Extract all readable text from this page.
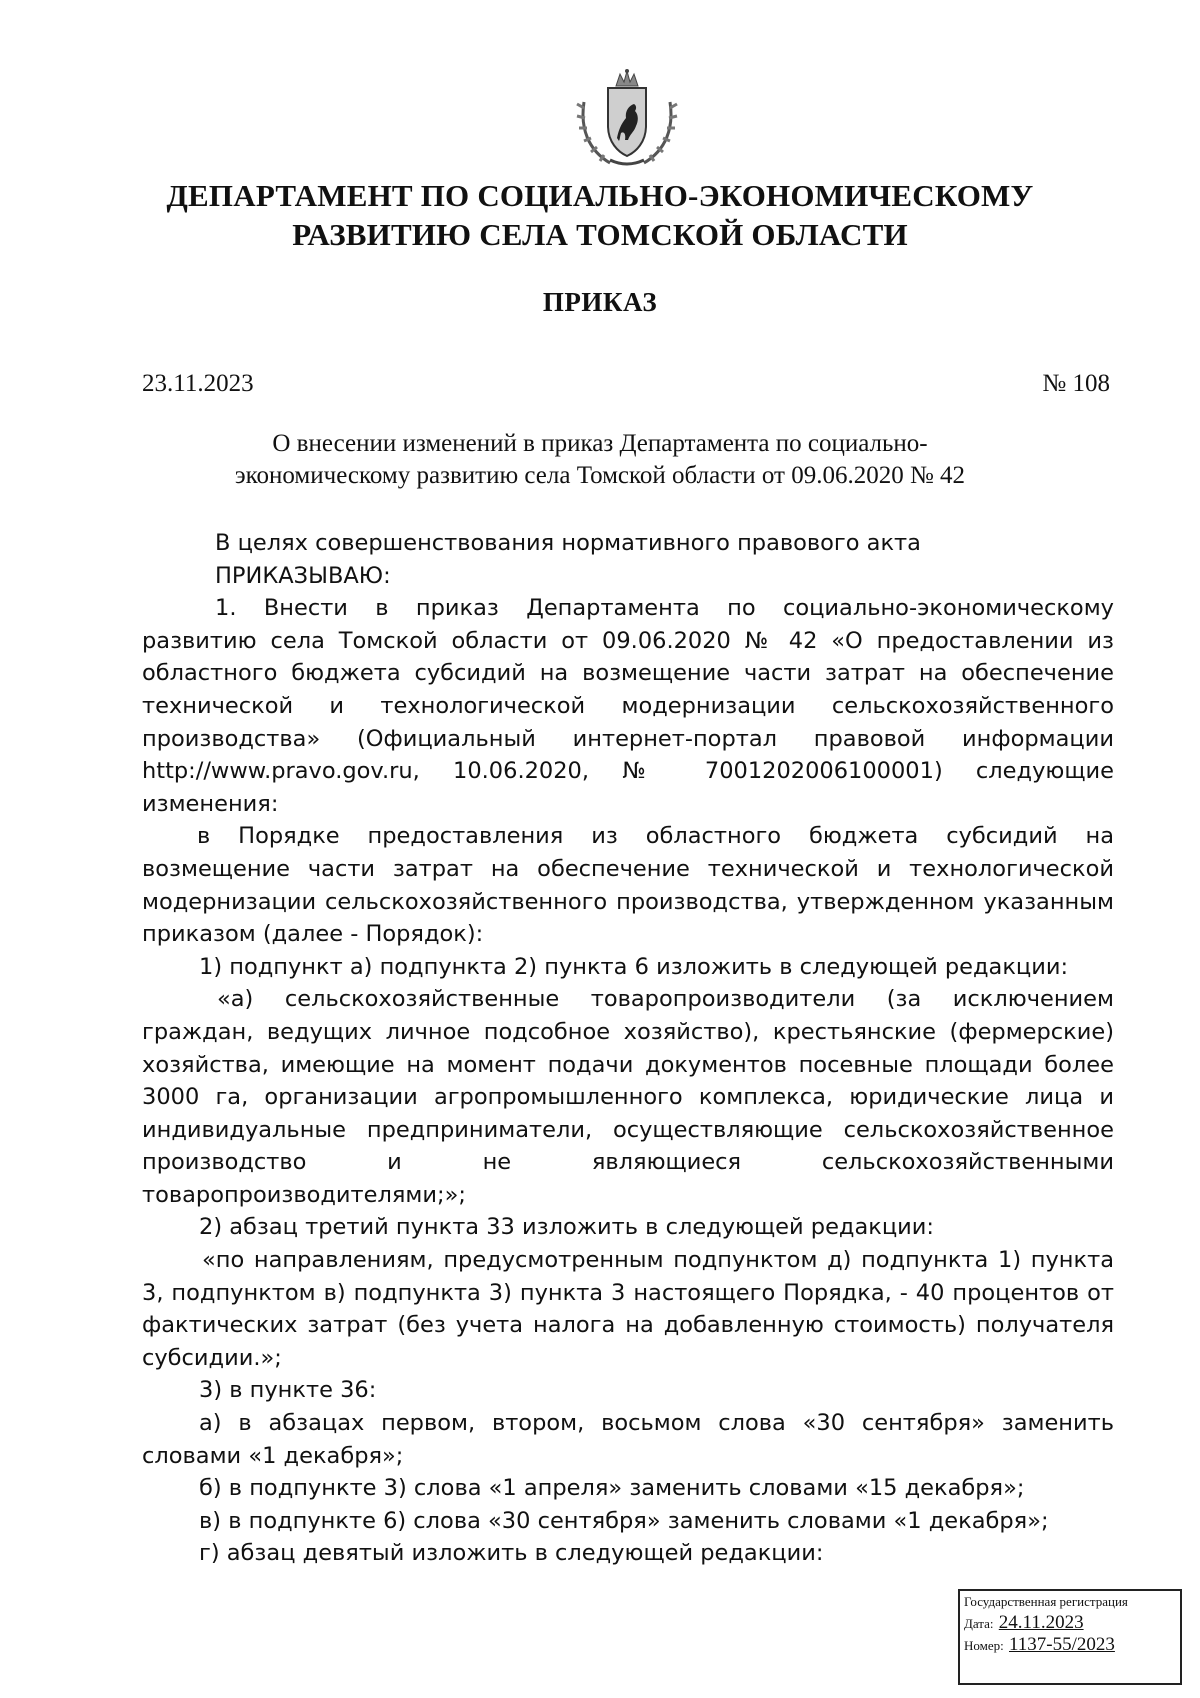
ДЕПАРТАМЕНТ ПО СОЦИАЛЬНО-ЭКОНОМИЧЕСКОМУ
РАЗВИТИЮ СЕЛА ТОМСКОЙ ОБЛАСТИ
ПРИКАЗ
23.11.2023	№ 108
О внесении изменений в приказ Департамента по социально-
экономическому развитию села Томской области от 09.06.2020 № 42

В целях совершенствования нормативного правового акта

ПРИКАЗЫВАЮ:

1. Внести в приказ Департамента по социально-экономическому развитию села Томской области от 09.06.2020 № 42 «О предоставлении из областного бюджета субсидий на возмещение части затрат на обеспечение технической и технологической модернизации сельскохозяйственного производства» (Официальный интернет-портал правовой информации http://www.pravo.gov.ru, 10.06.2020, № 7001202006100001) следующие изменения:

в Порядке предоставления из областного бюджета субсидий на возмещение части затрат на обеспечение технической и технологической модернизации сельскохозяйственного производства, утвержденном указанным приказом (далее - Порядок):

1) подпункт а) подпункта 2) пункта 6 изложить в следующей редакции:

«а) сельскохозяйственные товаропроизводители (за исключением граждан, ведущих личное подсобное хозяйство), крестьянские (фермерские) хозяйства, имеющие на момент подачи документов посевные площади более 3000 га, организации агропромышленного комплекса, юридические лица и индивидуальные предприниматели, осуществляющие сельскохозяйственное производство и не являющиеся сельскохозяйственными товаропроизводителями;»;

2) абзац третий пункта 33 изложить в следующей редакции:

«по направлениям, предусмотренным подпунктом д) подпункта 1) пункта 3, подпунктом в) подпункта 3) пункта 3 настоящего Порядка, - 40 процентов от фактических затрат (без учета налога на добавленную стоимость) получателя субсидии.»;

3) в пункте 36:

а) в абзацах первом, втором, восьмом слова «30 сентября» заменить словами «1 декабря»;

б) в подпункте 3) слова «1 апреля» заменить словами «15 декабря»;

в) в подпункте 6) слова «30 сентября» заменить словами «1 декабря»;

г) абзац девятый изложить в следующей редакции:

Государственная регистрация
Дата: 24.11.2023
Номер: 1137-55/2023
